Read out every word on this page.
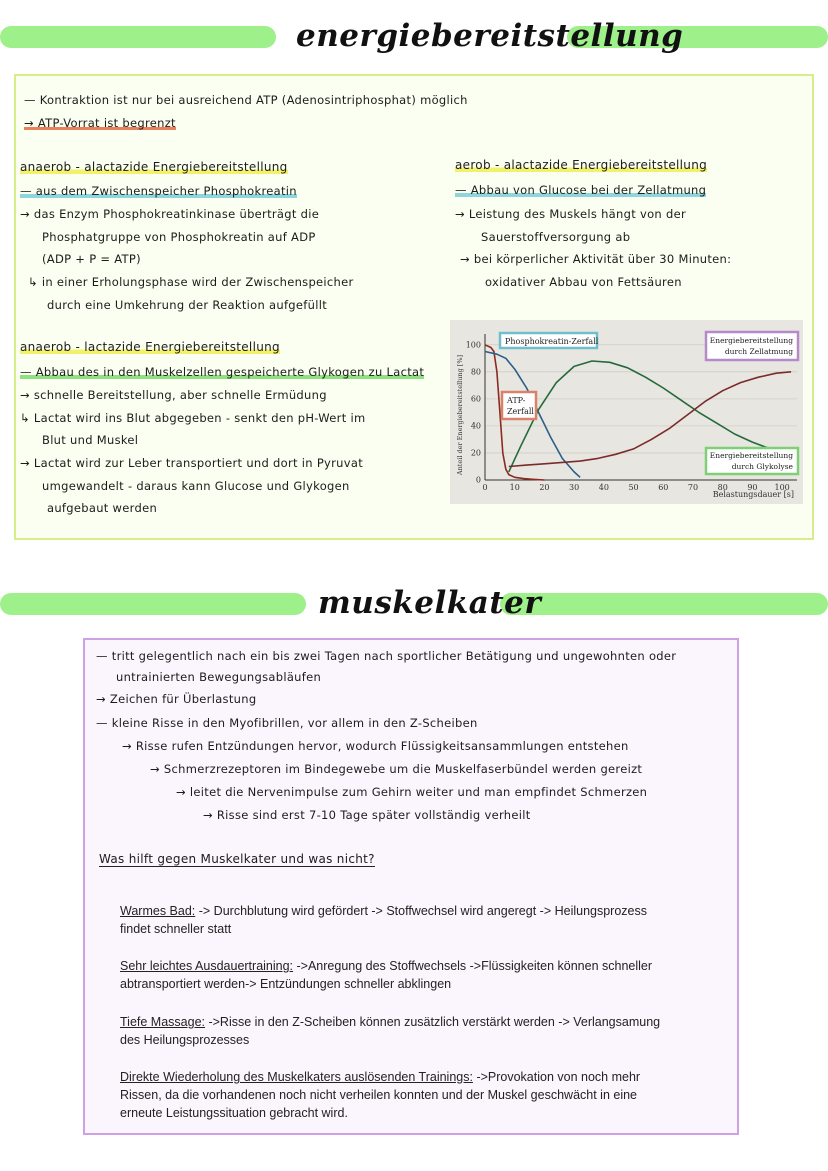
energiebereitstellung
— Kontraktion ist nur bei ausreichend ATP (Adenosintriphosphat) möglich
→ ATP-Vorrat ist begrenzt
anaerob - alactazide Energiebereitstellung
— aus dem Zwischenspeicher Phosphokreatin
→ das Enzym Phosphokreatinkinase überträgt die
Phosphatgruppe von Phosphokreatin auf ADP
(ADP + P = ATP)
↳ in einer Erholungsphase wird der Zwischenspeicher
durch eine Umkehrung der Reaktion aufgefüllt
anaerob - lactazide Energiebereitstellung
— Abbau des in den Muskelzellen gespeicherte Glykogen zu Lactat
→ schnelle Bereitstellung, aber schnelle Ermüdung
↳ Lactat wird ins Blut abgegeben - senkt den pH-Wert im
Blut und Muskel
→ Lactat wird zur Leber transportiert und dort in Pyruvat
umgewandelt - daraus kann Glucose und Glykogen
aufgebaut werden
aerob - alactazide Energiebereitstellung
— Abbau von Glucose bei der Zellatmung
→ Leistung des Muskels hängt von der
Sauerstoffversorgung ab
→ bei körperlicher Aktivität über 30 Minuten:
oxidativer Abbau von Fettsäuren
Anteil der Energiebereitstellung [%]
Belastungsdauer [s]
0
20
40
60
80
100
0	10 20 30 40 50 60 70 80 90 100
Phosphokreatin-Zerfall
ATP-
Zerfall
Energiebereitstellung
durch Zellatmung
Energiebereitstellung
durch Glykolyse
muskelkater
— tritt gelegentlich nach ein bis zwei Tagen nach sportlicher Betätigung und ungewohnten oder
untrainierten Bewegungsabläufen
→ Zeichen für Überlastung
— kleine Risse in den Myofibrillen, vor allem in den Z-Scheiben
→ Risse rufen Entzündungen hervor, wodurch Flüssigkeitsansammlungen entstehen
→ Schmerzrezeptoren im Bindegewebe um die Muskelfaserbündel werden gereizt
→ leitet die Nervenimpulse zum Gehirn weiter und man empfindet Schmerzen
→ Risse sind erst 7-10 Tage später vollständig verheilt
Was hilft gegen Muskelkater und was nicht?
Warmes Bad: -> Durchblutung wird gefördert -> Stoffwechsel wird angeregt -> Heilungsprozess findet schneller statt
Sehr leichtes Ausdauertraining: ->Anregung des Stoffwechsels ->Flüssigkeiten können schneller abtransportiert werden-> Entzündungen schneller abklingen
Tiefe Massage: ->Risse in den Z-Scheiben können zusätzlich verstärkt werden -> Verlangsamung des Heilungsprozesses
Direkte Wiederholung des Muskelkaters auslösenden Trainings: ->Provokation von noch mehr Rissen, da die vorhandenen noch nicht verheilen konnten und der Muskel geschwächt in eine erneute Leistungssituation gebracht wird.
